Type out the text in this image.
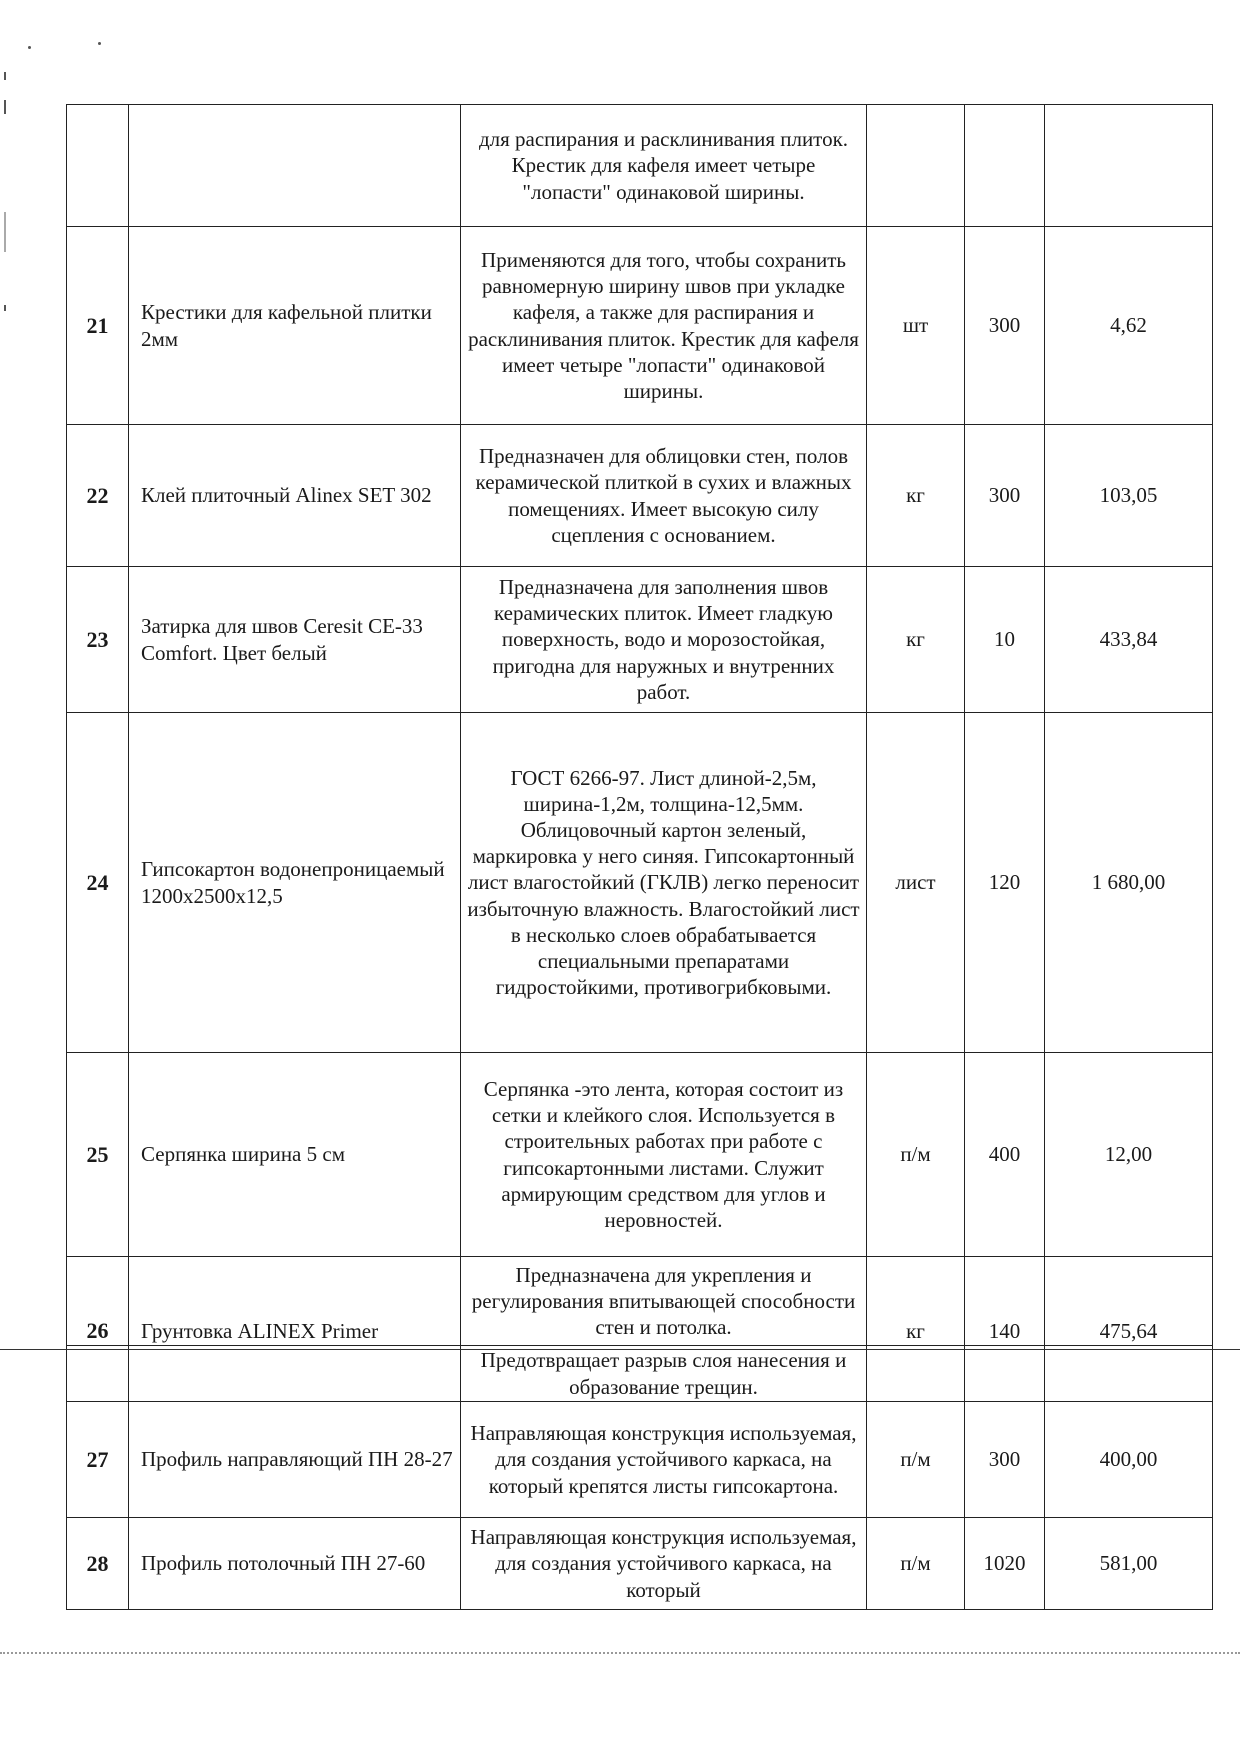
		для распирания и расклинивания плиток. Крестик для кафеля имеет четыре "лопасти" одинаковой ширины.			
21	Крестики для кафельной плитки 2мм	Применяются для того, чтобы сохранить равномерную ширину швов при укладке кафеля, а также для распирания и расклинивания плиток. Крестик для кафеля имеет четыре "лопасти" одинаковой ширины.	шт	300	4,62
22	Клей плиточный Alinex SET 302	Предназначен для облицовки стен, полов керамической плиткой в сухих и влажных помещениях. Имеет высокую силу сцепления с основанием.	кг	300	103,05
23	Затирка для швов Ceresit CE-33 Comfort. Цвет белый	Предназначена для заполнения швов керамических плиток. Имеет гладкую поверхность, водо и морозостойкая, пригодна для наружных и внутренних работ.	кг	10	433,84
24	Гипсокартон водонепроницаемый 1200х2500х12,5	ГОСТ 6266-97. Лист длиной-2,5м, ширина-1,2м, толщина-12,5мм. Облицовочный картон зеленый, маркировка у него синяя. Гипсокартонный лист влагостойкий (ГКЛВ) легко переносит избыточную влажность. Влагостойкий лист в несколько слоев обрабатывается специальными препаратами гидростойкими, противогрибковыми.	лист	120	1 680,00
25	Серпянка ширина 5 см	Серпянка -это лента, которая состоит из сетки и клейкого слоя. Используется в строительных работах при работе с гипсокартонными листами. Служит армирующим средством для углов и неровностей.	п/м	400	12,00
26	Грунтовка ALINEX Primer	Предназначена для укрепления и регулирования впитывающей способности стен и потолка.	кг	140	475,64
		Предотвращает разрыв слоя нанесения и образование трещин.			
27	Профиль направляющий ПН 28-27	Направляющая конструкция используемая, для создания устойчивого каркаса, на который крепятся листы гипсокартона.	п/м	300	400,00
28	Профиль потолочный ПН 27-60	Направляющая конструкция используемая, для создания устойчивого каркаса, на который	п/м	1020	581,00
